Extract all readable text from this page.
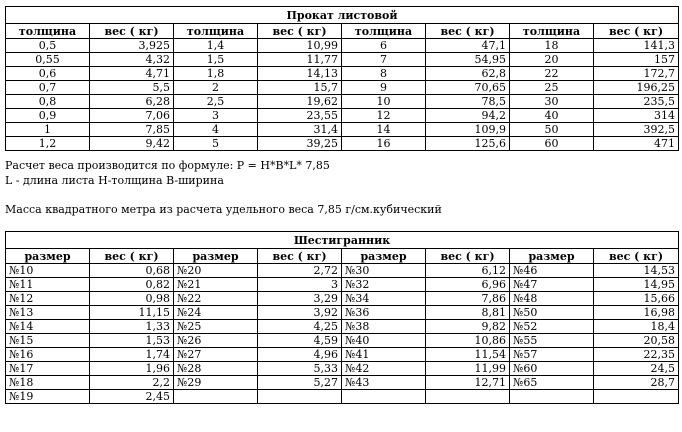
Прокат листовой							
толщина	вес ( кг)	толщина	вес ( кг)	толщина	вес ( кг)	толщина	вес ( кг)
0,5	3,925	1,4	10,99	6	47,1	18	141,3
0,55	4,32	1,5	11,77	7	54,95	20	157
0,6	4,71	1,8	14,13	8	62,8	22	172,7
0,7	5,5	2	15,7	9	70,65	25	196,25
0,8	6,28	2,5	19,62	10	78,5	30	235,5
0,9	7,06	3	23,55	12	94,2	40	314
1	7,85	4	31,4	14	109,9	50	392,5
1,2	9,42	5	39,25	16	125,6	60	471
Расчет веса производится по формуле: P = H*B*L* 7,85
L - длина листа H-толщина B-ширина
Масса квадратного метра из расчета удельного веса 7,85 г/см.кубический
Шестигранник							
размер	вес ( кг)	размер	вес ( кг)	размер	вес ( кг)	размер	вес ( кг)
№10	0,68	№20	2,72	№30	6,12	№46	14,53
№11	0,82	№21	3	№32	6,96	№47	14,95
№12	0,98	№22	3,29	№34	7,86	№48	15,66
№13	11,15	№24	3,92	№36	8,81	№50	16,98
№14	1,33	№25	4,25	№38	9,82	№52	18,4
№15	1,53	№26	4,59	№40	10,86	№55	20,58
№16	1,74	№27	4,96	№41	11,54	№57	22,35
№17	1,96	№28	5,33	№42	11,99	№60	24,5
№18	2,2	№29	5,27	№43	12,71	№65	28,7
№19	2,45						
